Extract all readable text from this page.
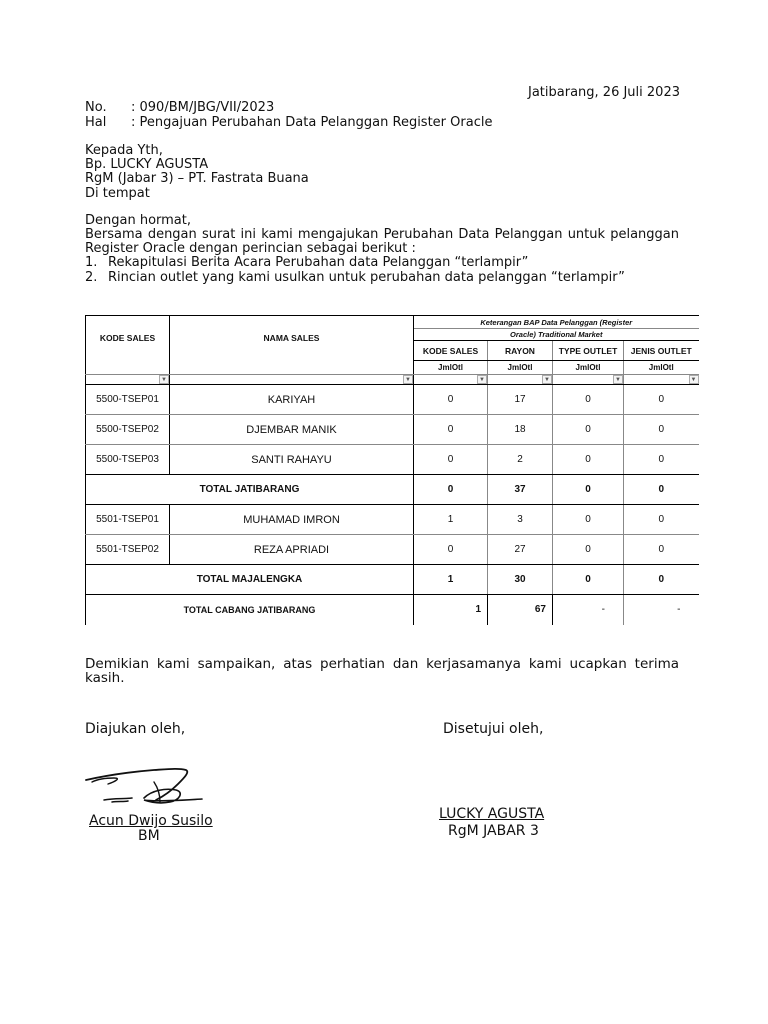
Jatibarang, 26 Juli 2023
No. : 090/BM/JBG/VII/2023
Hal : Pengajuan Perubahan Data Pelanggan Register Oracle
Kepada Yth,
Bp. LUCKY AGUSTA
RgM (Jabar 3) – PT. Fastrata Buana
Di tempat
Dengan hormat,
Bersama dengan surat ini kami mengajukan Perubahan Data Pelanggan untuk pelanggan
Register Oracle dengan perincian sebagai berikut :
1. Rekapitulasi Berita Acara Perubahan data Pelanggan “terlampir”
2. Rincian outlet yang kami usulkan untuk perubahan data pelanggan “terlampir”
KODE SALES	NAMA SALES	Keterangan BAP Data Pelanggan (Register			
		Oracle) Traditional Market			
		KODE SALES	RAYON	TYPE OUTLET	JENIS OUTLET
		JmlOtl	JmlOtl	JmlOtl	JmlOtl

▼	▼	▼	▼	▼	▼

5500-TSEP01	KARIYAH	0	17	0	0
5500-TSEP02	DJEMBAR MANIK	0	18	0	0
5500-TSEP03	SANTI RAHAYU	0	2	0	0
TOTAL JATIBARANG		0	37	0	0
5501-TSEP01	MUHAMAD IMRON	1	3	0	0
5501-TSEP02	REZA APRIADI	0	27	0	0
TOTAL MAJALENGKA		1	30	0	0
TOTAL CABANG JATIBARANG		1	67	-	-
Demikian kami sampaikan, atas perhatian dan kerjasamanya kami ucapkan terima
kasih.
Diajukan oleh,	Disetujui oleh,
Acun Dwijo Susilo
BM
LUCKY AGUSTA
RgM JABAR 3
